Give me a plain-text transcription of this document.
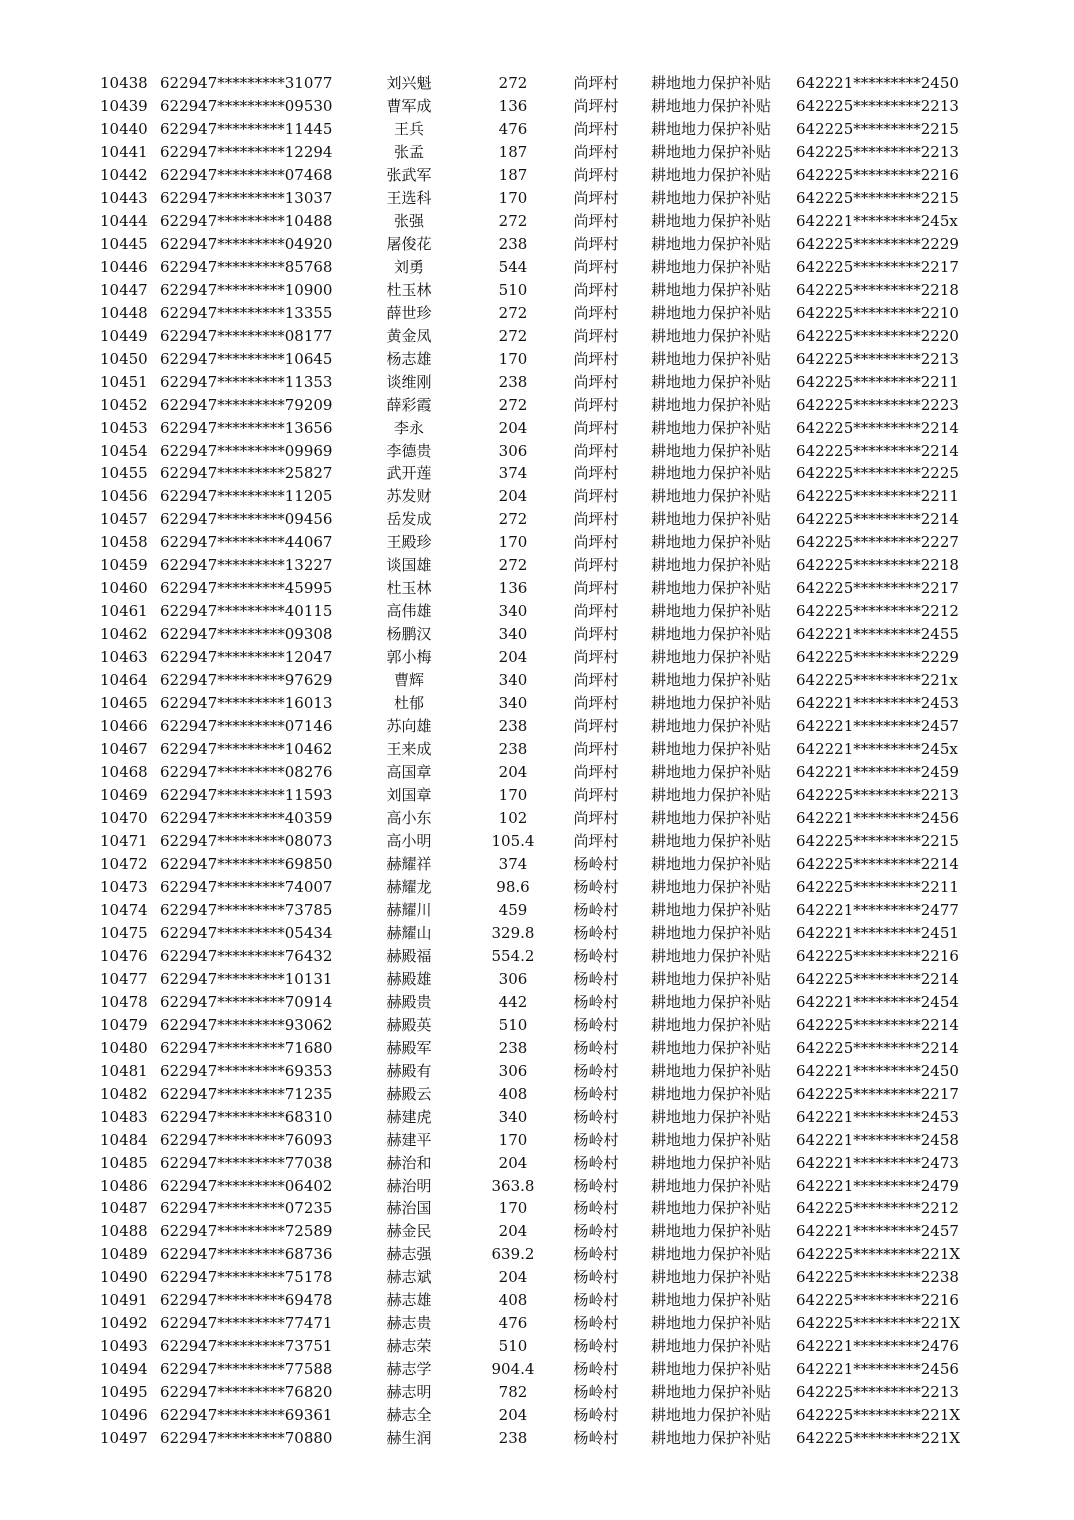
10438 622947*********31077	刘兴魁	272	尚坪村	耕地地力保护补贴	642221*********2450
10439 622947*********09530	曹军成	136	尚坪村	耕地地力保护补贴	642225*********2213
10440 622947*********11445	王兵	476	尚坪村	耕地地力保护补贴	642225*********2215
10441 622947*********12294	张孟	187	尚坪村	耕地地力保护补贴	642225*********2213
10442 622947*********07468	张武军	187	尚坪村	耕地地力保护补贴	642225*********2216
10443 622947*********13037	王选科	170	尚坪村	耕地地力保护补贴	642225*********2215
10444 622947*********10488	张强	272	尚坪村	耕地地力保护补贴	642221*********245x
10445 622947*********04920	屠俊花	238	尚坪村	耕地地力保护补贴	642225*********2229
10446 622947*********85768	刘勇	544	尚坪村	耕地地力保护补贴	642225*********2217
10447 622947*********10900	杜玉林	510	尚坪村	耕地地力保护补贴	642225*********2218
10448 622947*********13355	薛世珍	272	尚坪村	耕地地力保护补贴	642225*********2210
10449 622947*********08177	黄金凤	272	尚坪村	耕地地力保护补贴	642225*********2220
10450 622947*********10645	杨志雄	170	尚坪村	耕地地力保护补贴	642225*********2213
10451 622947*********11353	谈维刚	238	尚坪村	耕地地力保护补贴	642225*********2211
10452 622947*********79209	薛彩霞	272	尚坪村	耕地地力保护补贴	642225*********2223
10453 622947*********13656	李永	204	尚坪村	耕地地力保护补贴	642225*********2214
10454 622947*********09969	李德贵	306	尚坪村	耕地地力保护补贴	642225*********2214
10455 622947*********25827	武开莲	374	尚坪村	耕地地力保护补贴	642225*********2225
10456 622947*********11205	苏发财	204	尚坪村	耕地地力保护补贴	642225*********2211
10457 622947*********09456	岳发成	272	尚坪村	耕地地力保护补贴	642225*********2214
10458 622947*********44067	王殿珍	170	尚坪村	耕地地力保护补贴	642225*********2227
10459 622947*********13227	谈国雄	272	尚坪村	耕地地力保护补贴	642225*********2218
10460 622947*********45995	杜玉林	136	尚坪村	耕地地力保护补贴	642225*********2217
10461 622947*********40115	高伟雄	340	尚坪村	耕地地力保护补贴	642225*********2212
10462 622947*********09308	杨鹏汉	340	尚坪村	耕地地力保护补贴	642221*********2455
10463 622947*********12047	郭小梅	204	尚坪村	耕地地力保护补贴	642225*********2229
10464 622947*********97629	曹辉	340	尚坪村	耕地地力保护补贴	642225*********221x
10465 622947*********16013	杜郁	340	尚坪村	耕地地力保护补贴	642221*********2453
10466 622947*********07146	苏向雄	238	尚坪村	耕地地力保护补贴	642221*********2457
10467 622947*********10462	王来成	238	尚坪村	耕地地力保护补贴	642221*********245x
10468 622947*********08276	高国章	204	尚坪村	耕地地力保护补贴	642221*********2459
10469 622947*********11593	刘国章	170	尚坪村	耕地地力保护补贴	642225*********2213
10470 622947*********40359	高小东	102	尚坪村	耕地地力保护补贴	642221*********2456
10471 622947*********08073	高小明	105.4	尚坪村	耕地地力保护补贴	642225*********2215
10472 622947*********69850	赫耀祥	374	杨岭村	耕地地力保护补贴	642225*********2214
10473 622947*********74007	赫耀龙	98.6	杨岭村	耕地地力保护补贴	642225*********2211
10474 622947*********73785	赫耀川	459	杨岭村	耕地地力保护补贴	642221*********2477
10475 622947*********05434	赫耀山	329.8	杨岭村	耕地地力保护补贴	642221*********2451
10476 622947*********76432	赫殿福	554.2	杨岭村	耕地地力保护补贴	642225*********2216
10477 622947*********10131	赫殿雄	306	杨岭村	耕地地力保护补贴	642225*********2214
10478 622947*********70914	赫殿贵	442	杨岭村	耕地地力保护补贴	642221*********2454
10479 622947*********93062	赫殿英	510	杨岭村	耕地地力保护补贴	642225*********2214
10480 622947*********71680	赫殿军	238	杨岭村	耕地地力保护补贴	642225*********2214
10481 622947*********69353	赫殿有	306	杨岭村	耕地地力保护补贴	642221*********2450
10482 622947*********71235	赫殿云	408	杨岭村	耕地地力保护补贴	642225*********2217
10483 622947*********68310	赫建虎	340	杨岭村	耕地地力保护补贴	642221*********2453
10484 622947*********76093	赫建平	170	杨岭村	耕地地力保护补贴	642221*********2458
10485 622947*********77038	赫治和	204	杨岭村	耕地地力保护补贴	642221*********2473
10486 622947*********06402	赫治明	363.8	杨岭村	耕地地力保护补贴	642221*********2479
10487 622947*********07235	赫治国	170	杨岭村	耕地地力保护补贴	642225*********2212
10488 622947*********72589	赫金民	204	杨岭村	耕地地力保护补贴	642221*********2457
10489 622947*********68736	赫志强	639.2	杨岭村	耕地地力保护补贴	642225*********221X
10490 622947*********75178	赫志斌	204	杨岭村	耕地地力保护补贴	642225*********2238
10491 622947*********69478	赫志雄	408	杨岭村	耕地地力保护补贴	642225*********2216
10492 622947*********77471	赫志贵	476	杨岭村	耕地地力保护补贴	642225*********221X
10493 622947*********73751	赫志荣	510	杨岭村	耕地地力保护补贴	642221*********2476
10494 622947*********77588	赫志学	904.4	杨岭村	耕地地力保护补贴	642221*********2456
10495 622947*********76820	赫志明	782	杨岭村	耕地地力保护补贴	642225*********2213
10496 622947*********69361	赫志全	204	杨岭村	耕地地力保护补贴	642225*********221X
10497 622947*********70880	赫生润	238	杨岭村	耕地地力保护补贴	642225*********221X
